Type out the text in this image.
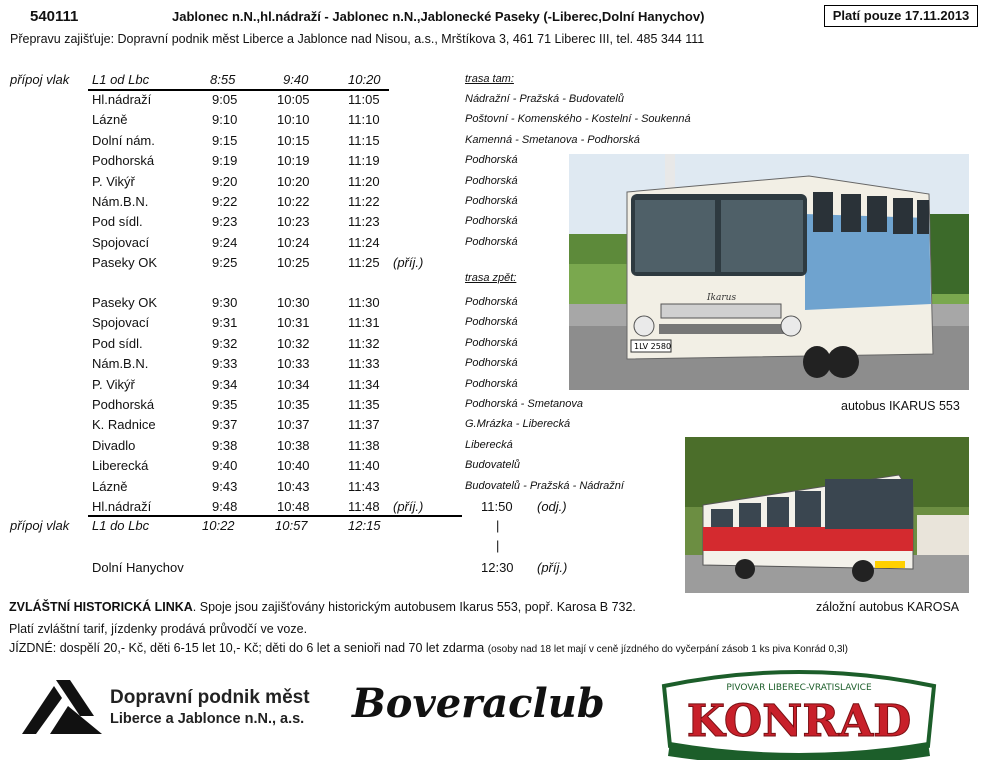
540111	Jablonec n.N.,hl.nádraží - Jablonec n.N.,Jablonecké Paseky (-Liberec,Dolní Hanychov)	Platí pouze 17.11.2013
Přepravu zajišťuje: Dopravní podnik měst Liberce a Jablonce nad Nisou, a.s., Mrštíkova 3, 461 71 Liberec III, tel. 485 344 111
přípoj vlak L1 od Lbc	8:55	9:40	10:20	trasa tam:
Hl.nádraží	9:05	10:05	11:05	Nádražní - Pražská - Budovatelů
Lázně	9:10	10:10	11:10	Poštovní - Komenského - Kostelní - Soukenná
Dolní nám.	9:15	10:15	11:15	Kamenná - Smetanova - Podhorská
Podhorská	9:19	10:19	11:19	Podhorská
P. Vikýř	9:20	10:20	11:20	Podhorská
Nám.B.N.	9:22	10:22	11:22	Podhorská
Pod sídl.	9:23	10:23	11:23	Podhorská
Spojovací	9:24	10:24	11:24	Podhorská
Paseky OK	9:25	10:25	11:25 (příj.)
trasa zpět:
Paseky OK	9:30	10:30	11:30	Podhorská
Spojovací	9:31	10:31	11:31	Podhorská
Pod sídl.	9:32	10:32	11:32	Podhorská
Nám.B.N.	9:33	10:33	11:33	Podhorská
P. Vikýř	9:34	10:34	11:34	Podhorská
Podhorská	9:35	10:35	11:35	Podhorská - Smetanova
K. Radnice	9:37	10:37	11:37	G.Mrázka - Liberecká
Divadlo	9:38	10:38	11:38	Liberecká
Liberecká	9:40	10:40	11:40	Budovatelů
Lázně	9:43	10:43	11:43	Budovatelů - Pražská - Nádražní
Hl.nádraží	9:48	10:48	11:48 (příj.)	11:50 (odj.)
přípoj vlak L1 do Lbc	10:22	10:57	12:15	|
|
Dolní Hanychov	12:30 (příj.)
1LV 2580
Ikarus
autobus IKARUS 553
záložní autobus KAROSA
ZVLÁŠTNÍ HISTORICKÁ LINKA. Spoje jsou zajišťovány historickým autobusem Ikarus 553, popř. Karosa B 732.
Platí zvláštní tarif, jízdenky prodává průvodčí ve voze.
JÍZDNÉ: dospělí 20,- Kč, děti 6-15 let 10,- Kč; děti do 6 let a senioři nad 70 let zdarma (osoby nad 18 let mají v ceně jízdného do vyčerpání zásob 1 ks piva Konrád 0,3l)
Dopravní podnik měst
Liberce a Jablonce n.N., a.s. Boveraclub	PIVOVAR LIBEREC-VRATISLAVICE
KONRAD
